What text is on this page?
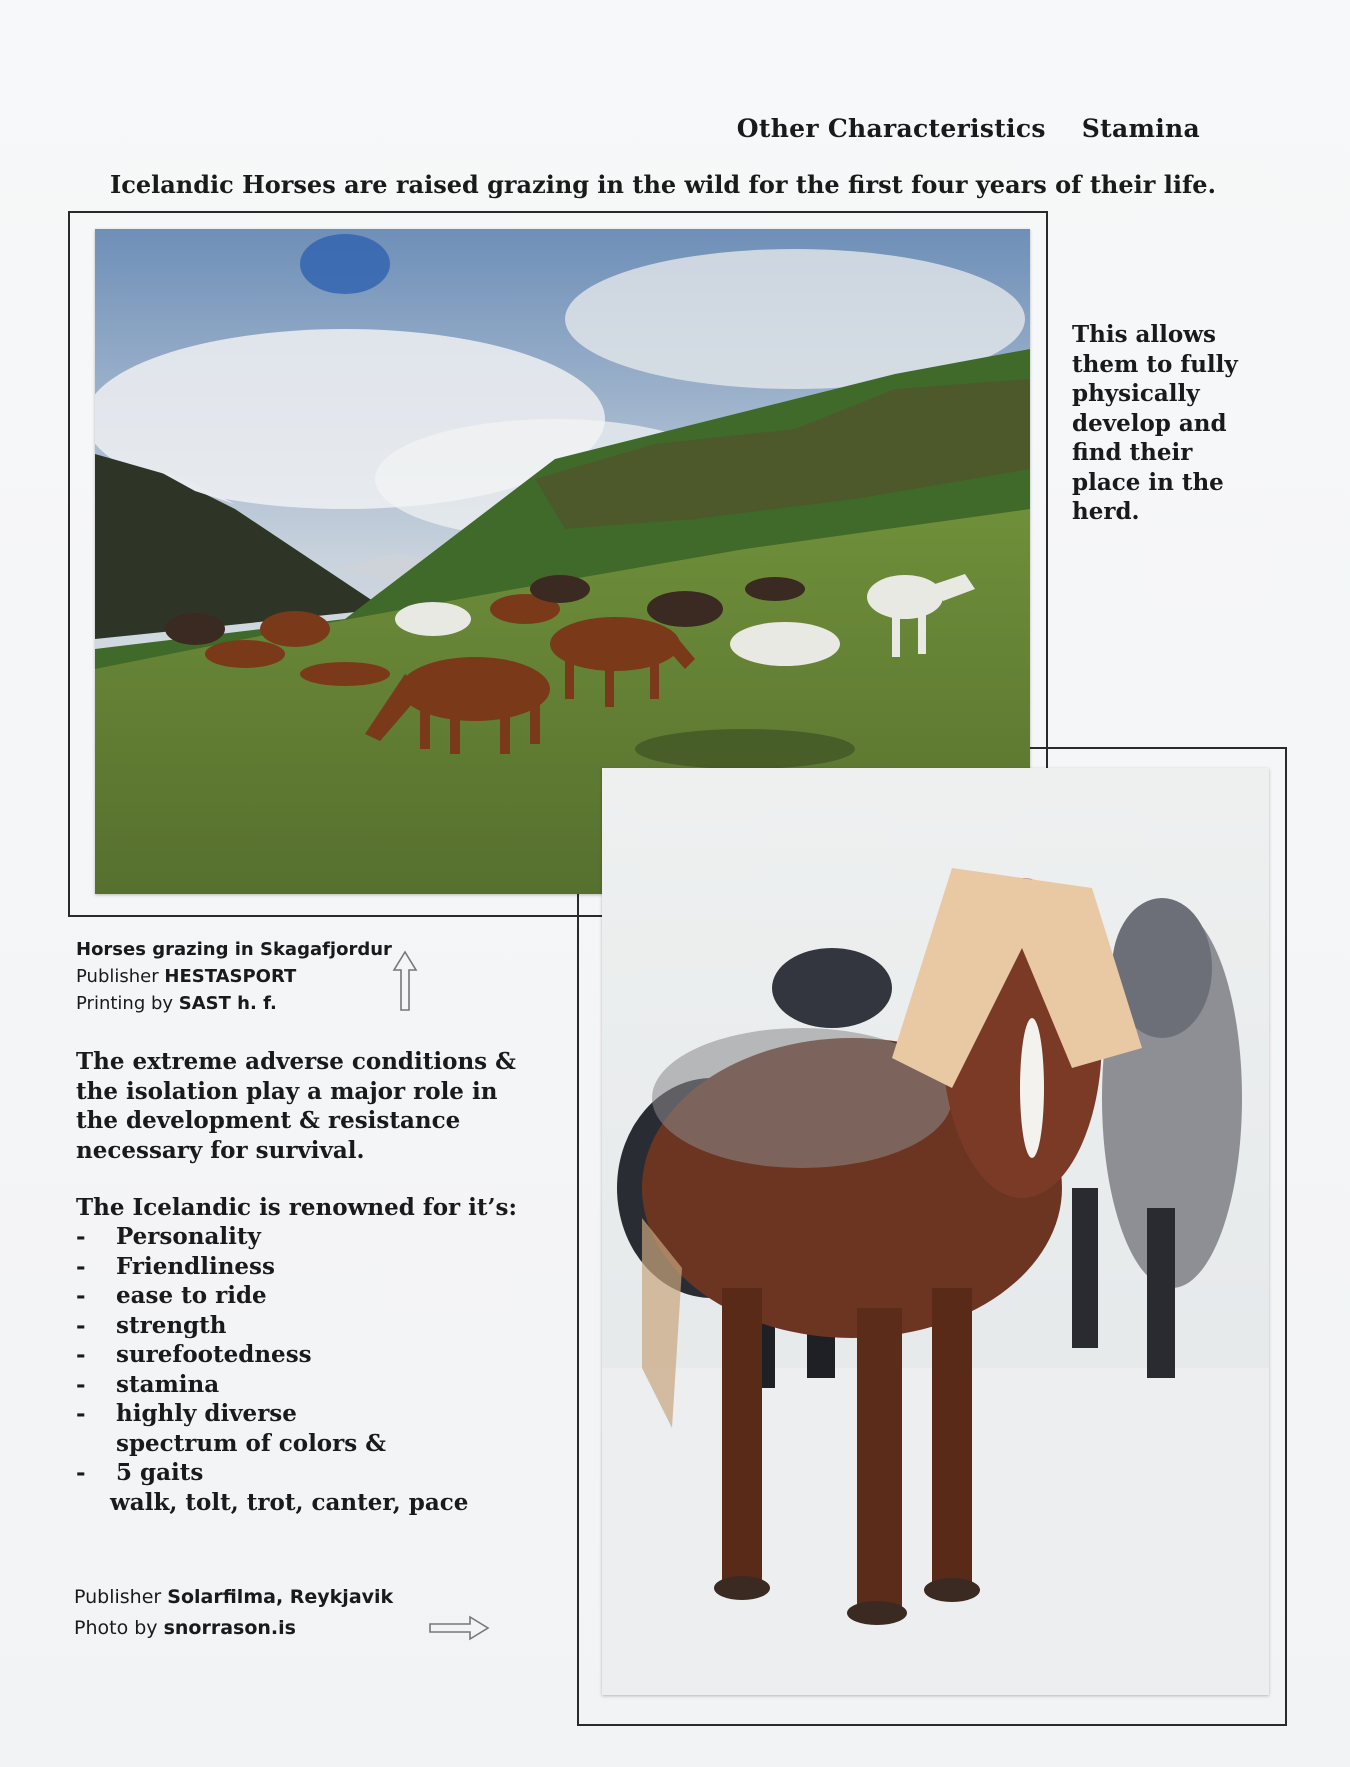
Other Characteristics Stamina

Icelandic Horses are raised grazing in the wild for the first four years of their life.

This allows them to fully physically develop and find their place in the herd.

Horses grazing in Skagafjordur
Publisher HESTASPORT
Printing by SAST h. f.

The extreme adverse conditions & the isolation play a major role in the development & resistance necessary for survival.

The Icelandic is renowned for it’s:

- Personality
- Friendliness
- ease to ride
- strength
- surefootedness
- stamina
- highly diverse
spectrum of colors &
- 5 gaits
walk, tolt, trot, canter, pace

Publisher Solarfilma, Reykjavik
Photo by snorrason.is
